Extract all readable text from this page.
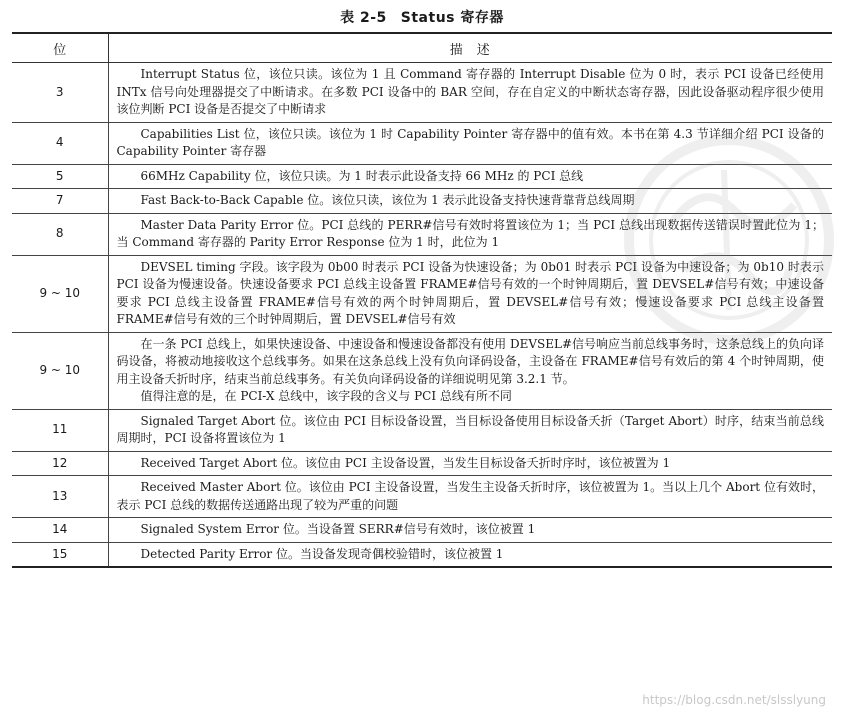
表 2-5 Status 寄存器
位	描述
3	Interrupt Status 位，该位只读。该位为 1 且 Command 寄存器的 Interrupt Disable 位为 0 时，表示 PCI 设备已经使用 INTx 信号向处理器提交了中断请求。在多数 PCI 设备中的 BAR 空间，存在自定义的中断状态寄存器，因此设备驱动程序很少使用该位判断 PCI 设备是否提交了中断请求

4	Capabilities List 位，该位只读。该位为 1 时 Capability Pointer 寄存器中的值有效。本书在第 4.3 节详细介绍 PCI 设备的 Capability Pointer 寄存器

5	66MHz Capability 位，该位只读。为 1 时表示此设备支持 66 MHz 的 PCI 总线

7	Fast Back-to-Back Capable 位。该位只读，该位为 1 表示此设备支持快速背靠背总线周期

8	Master Data Parity Error 位。PCI 总线的 PERR#信号有效时将置该位为 1；当 PCI 总线出现数据传送错误时置此位为 1；当 Command 寄存器的 Parity Error Response 位为 1 时，此位为 1

9 ~ 10	DEVSEL timing 字段。该字段为 0b00 时表示 PCI 设备为快速设备；为 0b01 时表示 PCI 设备为中速设备；为 0b10 时表示 PCI 设备为慢速设备。快速设备要求 PCI 总线主设备置 FRAME#信号有效的一个时钟周期后，置 DEVSEL#信号有效；中速设备要求 PCI 总线主设备置 FRAME#信号有效的两个时钟周期后，置 DEVSEL#信号有效；慢速设备要求 PCI 总线主设备置 FRAME#信号有效的三个时钟周期后，置 DEVSEL#信号有效

9 ~ 10	在一条 PCI 总线上，如果快速设备、中速设备和慢速设备都没有使用 DEVSEL#信号响应当前总线事务时，这条总线上的负向译码设备，将被动地接收这个总线事务。如果在这条总线上没有负向译码设备，主设备在 FRAME#信号有效后的第 4 个时钟周期，使用主设备夭折时序，结束当前总线事务。有关负向译码设备的详细说明见第 3.2.1 节。

值得注意的是，在 PCI-X 总线中，该字段的含义与 PCI 总线有所不同

11	Signaled Target Abort 位。该位由 PCI 目标设备设置，当目标设备使用目标设备夭折（Target Abort）时序，结束当前总线周期时，PCI 设备将置该位为 1

12	Received Target Abort 位。该位由 PCI 主设备设置，当发生目标设备夭折时序时，该位被置为 1

13	Received Master Abort 位。该位由 PCI 主设备设置，当发生主设备夭折时序，该位被置为 1。当以上几个 Abort 位有效时，表示 PCI 总线的数据传送通路出现了较为严重的问题

14	Signaled System Error 位。当设备置 SERR#信号有效时，该位被置 1

15	Detected Parity Error 位。当设备发现奇偶校验错时，该位被置 1

https://blog.csdn.net/slsslyung
